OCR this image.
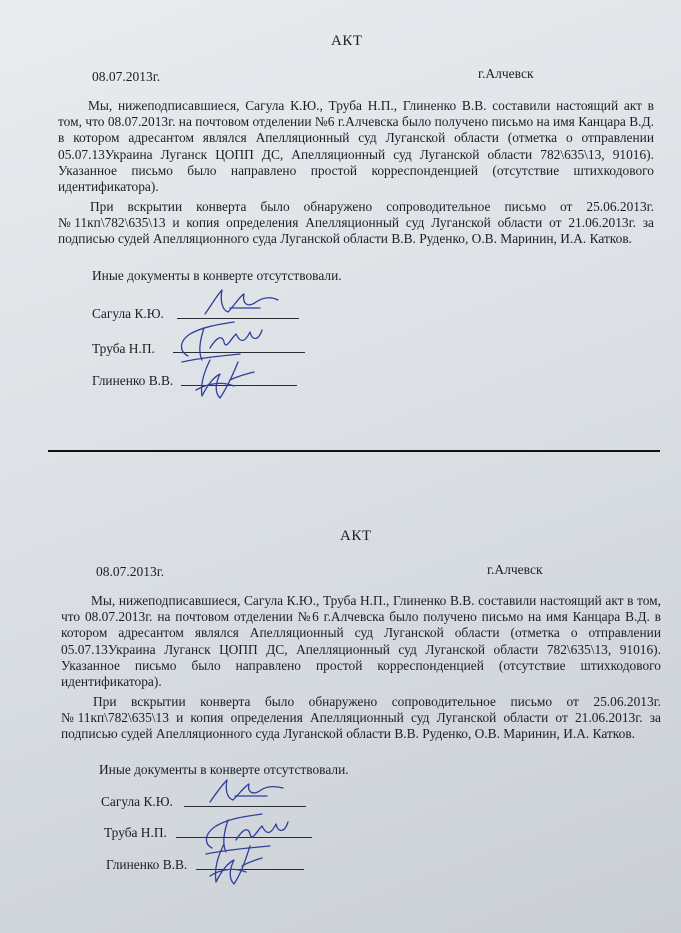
АКТ
08.07.2013г.	г.Алчевск

Мы, нижеподписавшиеся, Сагула К.Ю., Труба Н.П., Глиненко В.В. составили настоящий акт в том, что 08.07.2013г. на почтовом отделении №6 г.Алчевска было получено письмо на имя Канцара В.Д. в котором адресантом являлся Апелляционный суд Луганской области (отметка о отправлении 05.07.13Украина Луганск ЦОПП ДС, Апелляционный суд Луганской области 782\635\13, 91016). Указанное письмо было направлено простой корреспонденцией (отсутствие штихкодового идентификатора).

При вскрытии конверта было обнаружено сопроводительное письмо от 25.06.2013г. №11кп\782\635\13 и копия определения Апелляционный суд Луганской области от 21.06.2013г. за подписью судей Апелляционного суда Луганской области В.В. Руденко, О.В. Маринин, И.А. Катков.

Иные документы в конверте отсутствовали.

Сагула К.Ю.
Труба Н.П.
Глиненко В.В.
АКТ
08.07.2013г.	г.Алчевск

Мы, нижеподписавшиеся, Сагула К.Ю., Труба Н.П., Глиненко В.В. составили настоящий акт в том, что 08.07.2013г. на почтовом отделении №6 г.Алчевска было получено письмо на имя Канцара В.Д. в котором адресантом являлся Апелляционный суд Луганской области (отметка о отправлении 05.07.13Украина Луганск ЦОПП ДС, Апелляционный суд Луганской области 782\635\13, 91016). Указанное письмо было направлено простой корреспонденцией (отсутствие штихкодового идентификатора).

При вскрытии конверта было обнаружено сопроводительное письмо от 25.06.2013г. №11кп\782\635\13 и копия определения Апелляционный суд Луганской области от 21.06.2013г. за подписью судей Апелляционного суда Луганской области В.В. Руденко, О.В. Маринин, И.А. Катков.

Иные документы в конверте отсутствовали.

Сагула К.Ю.
Труба Н.П.
Глиненко В.В.
